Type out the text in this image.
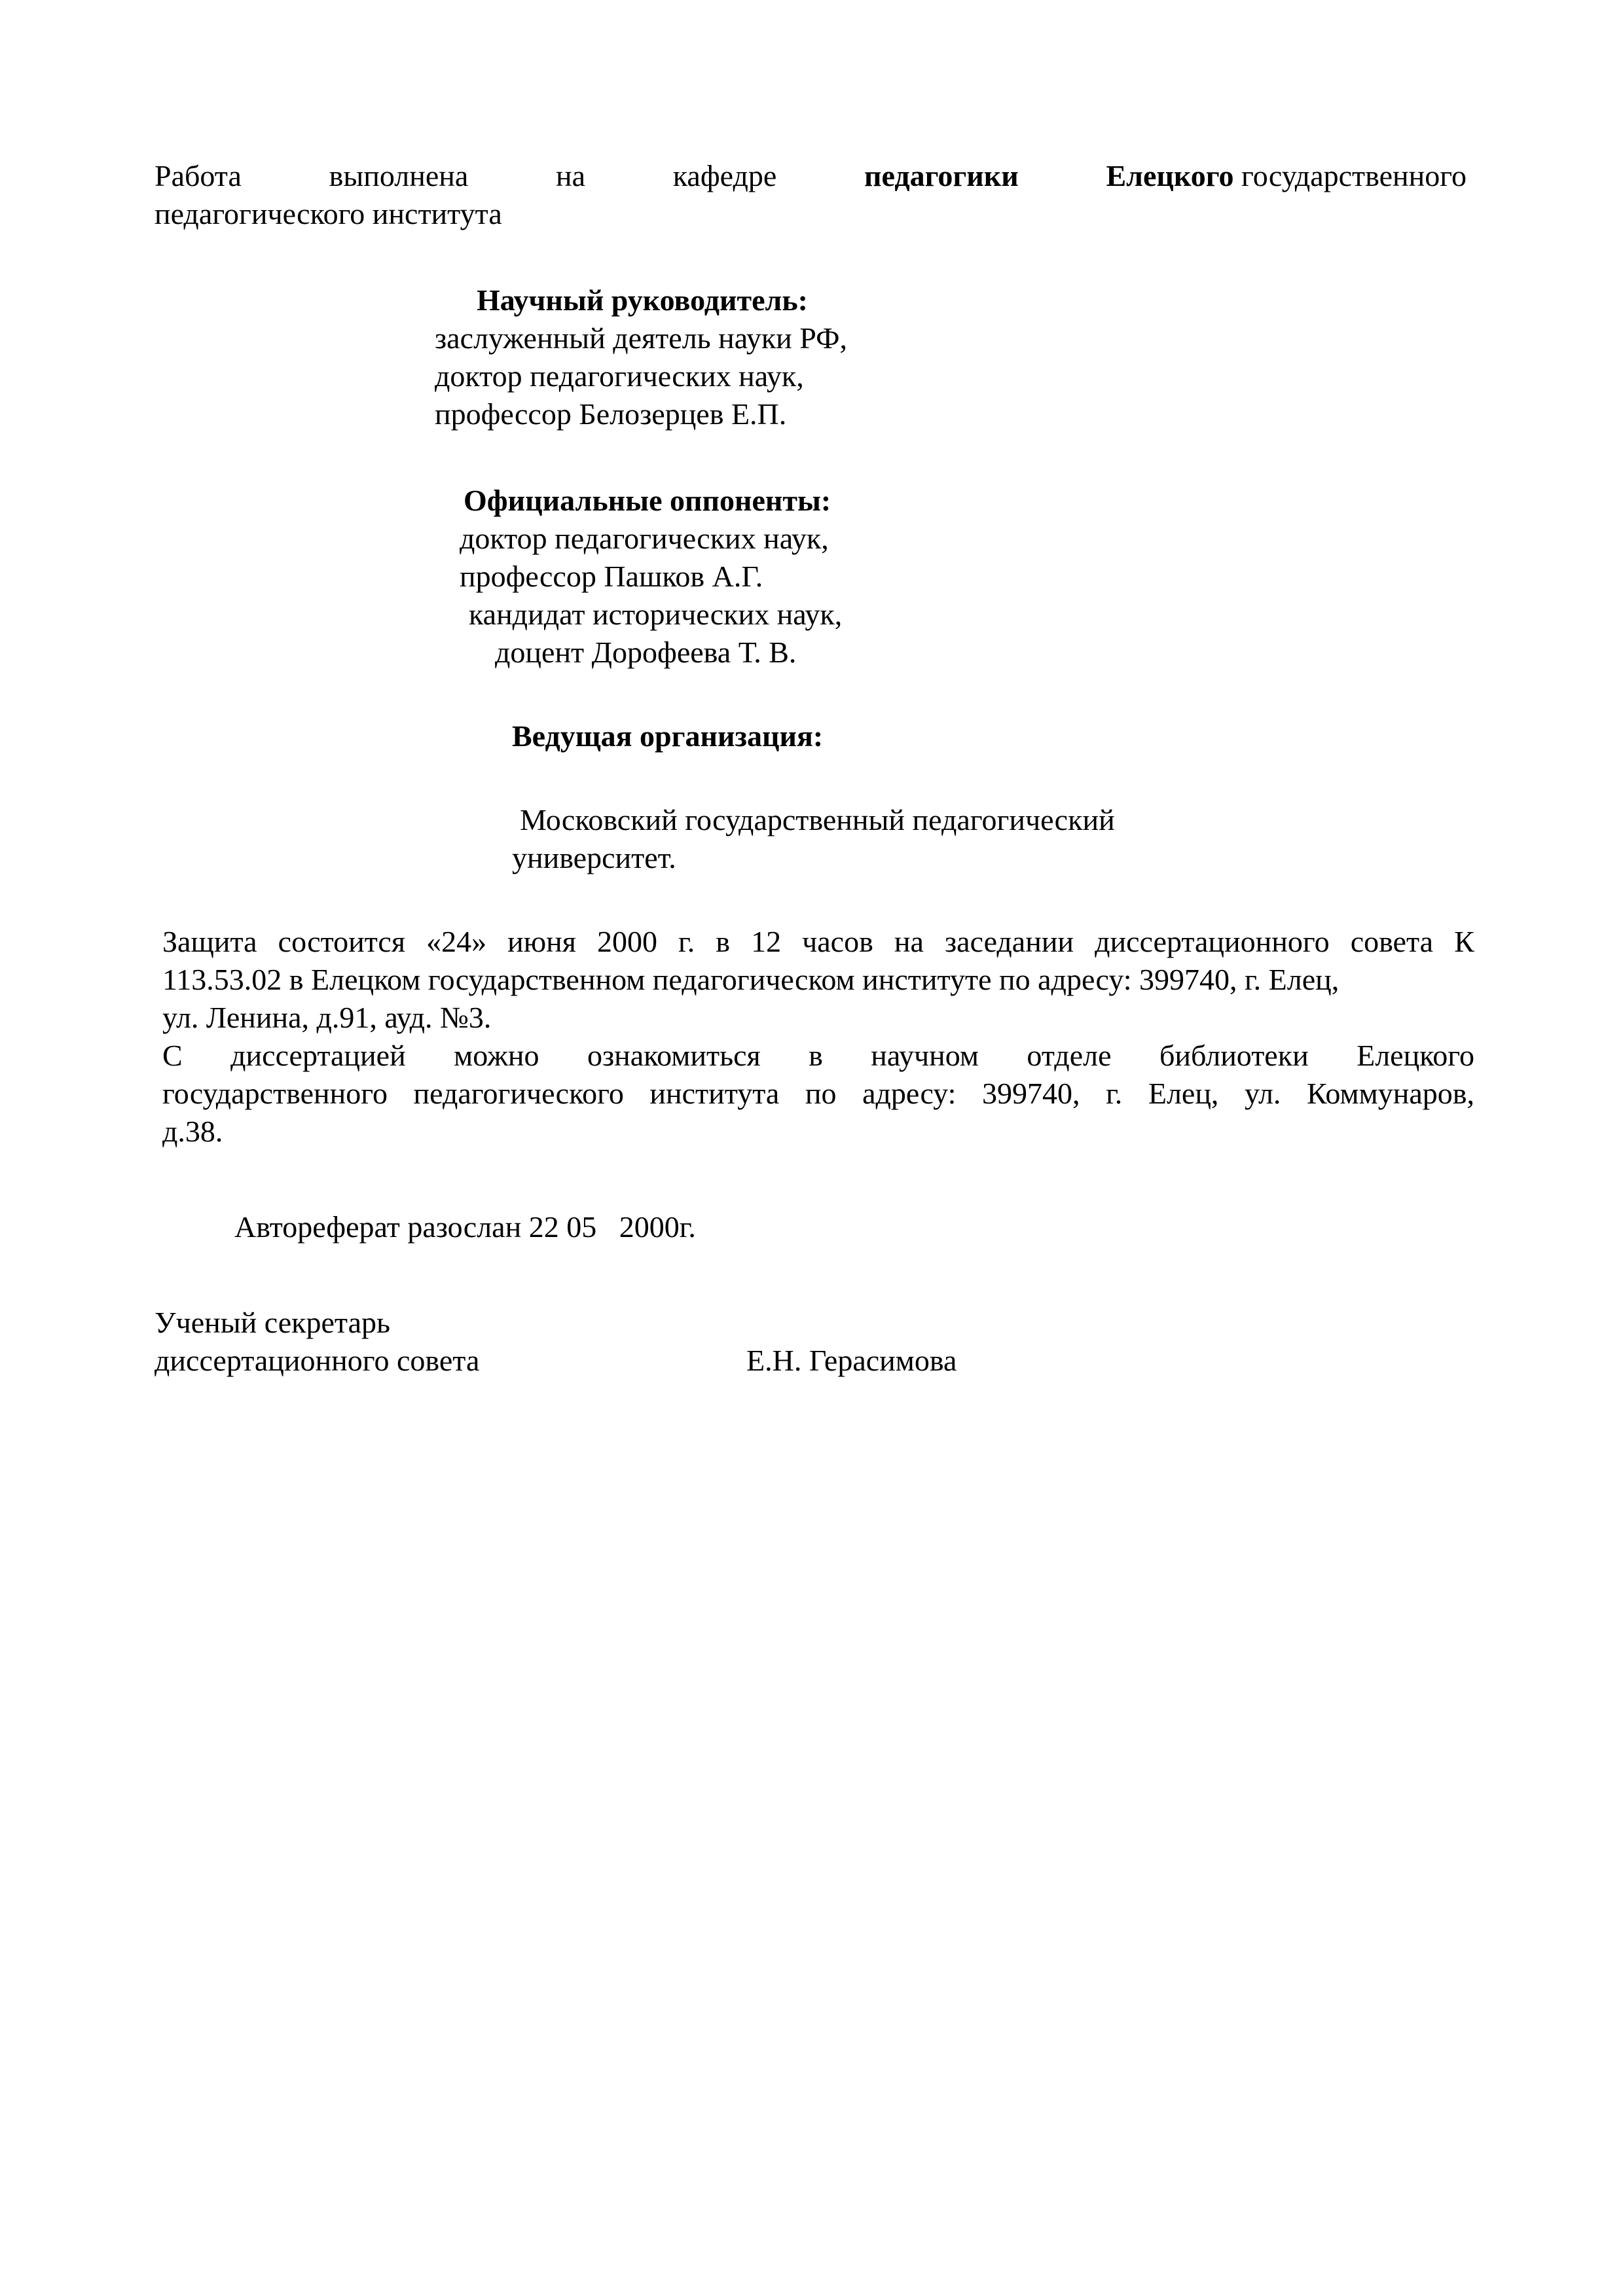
Работа	выполнена	на	кафедре	педагогики	Елецкого государственного

педагогического института

Научный руководитель:

заслуженный деятель науки РФ,

доктор педагогических наук,

профессор Белозерцев Е.П.

Официальные оппоненты:

доктор педагогических наук,

профессор Пашков А.Г.

кандидат исторических наук,

доцент Дорофеева Т. В.

Ведущая организация:

Московский государственный педагогический

университет.

Защита состоится «24» июня 2000 г. в 12 часов на заседании диссертационного совета К

113.53.02 в Елецком государственном педагогическом институте по адресу: 399740, г. Елец,

ул. Ленина, д.91, ауд. №3.

С диссертацией можно ознакомиться в научном отделе библиотеки Елецкого
государственного педагогического института по адресу: 399740, г. Елец, ул. Коммунаров,

д.38.

Автореферат разослан 22 05   2000г.

Ученый секретарь

диссертационного совета	Е.Н. Герасимова
